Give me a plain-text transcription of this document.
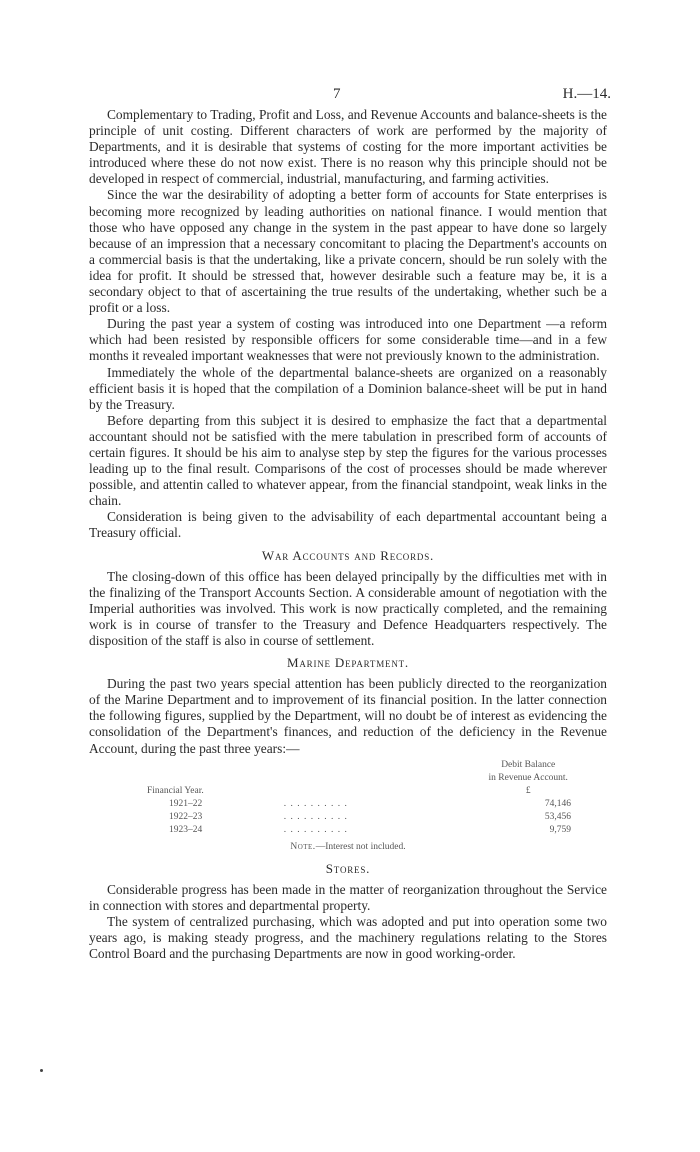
7	H.—14.

Complementary to Trading, Profit and Loss, and Revenue Accounts and balance-sheets is the principle of unit costing. Different characters of work are performed by the majority of Departments, and it is desirable that systems of costing for the more important activities be introduced where these do not now exist. There is no reason why this principle should not be developed in respect of commercial, industrial, manufacturing, and farming activities.

Since the war the desirability of adopting a better form of accounts for State enterprises is becoming more recognized by leading authorities on national finance. I would mention that those who have opposed any change in the system in the past appear to have done so largely because of an impression that a necessary concomitant to placing the Department's accounts on a commercial basis is that the undertaking, like a private concern, should be run solely with the idea for profit. It should be stressed that, however desirable such a feature may be, it is a secondary object to that of ascertaining the true results of the undertaking, whether such be a profit or a loss.

During the past year a system of costing was introduced into one Department —a reform which had been resisted by responsible officers for some considerable time—and in a few months it revealed important weaknesses that were not previously known to the administration.

Immediately the whole of the departmental balance-sheets are organized on a reasonably efficient basis it is hoped that the compilation of a Dominion balance-sheet will be put in hand by the Treasury.

Before departing from this subject it is desired to emphasize the fact that a departmental accountant should not be satisfied with the mere tabulation in prescribed form of accounts of certain figures. It should be his aim to analyse step by step the figures for the various processes leading up to the final result. Comparisons of the cost of processes should be made wherever possible, and attentin called to whatever appear, from the financial standpoint, weak links in the chain.

Consideration is being given to the advisability of each departmental accountant being a Treasury official.

War Accounts and Records.

The closing-down of this office has been delayed principally by the difficulties met with in the finalizing of the Transport Accounts Section. A considerable amount of negotiation with the Imperial authorities was involved. This work is now practically completed, and the remaining work is in course of transfer to the Treasury and Defence Headquarters respectively. The disposition of the staff is also in course of settlement.

Marine Department.

During the past two years special attention has been publicly directed to the reorganization of the Marine Department and to improvement of its financial position. In the latter connection the following figures, supplied by the Department, will no doubt be of interest as evidencing the consolidation of the Department's finances, and reduction of the deficiency in the Revenue Account, during the past three years:—

Financial Year.		Debit Balance
in Revenue Account.
£

1921–22	. . . . . . . . . .	74,146
1922–23	. . . . . . . . . .	53,456
1923–24	. . . . . . . . . .	9,759
Note.—Interest not included.
Stores.

Considerable progress has been made in the matter of reorganization throughout the Service in connection with stores and departmental property.

The system of centralized purchasing, which was adopted and put into operation some two years ago, is making steady progress, and the machinery regulations relating to the Stores Control Board and the purchasing Departments are now in good working-order.
